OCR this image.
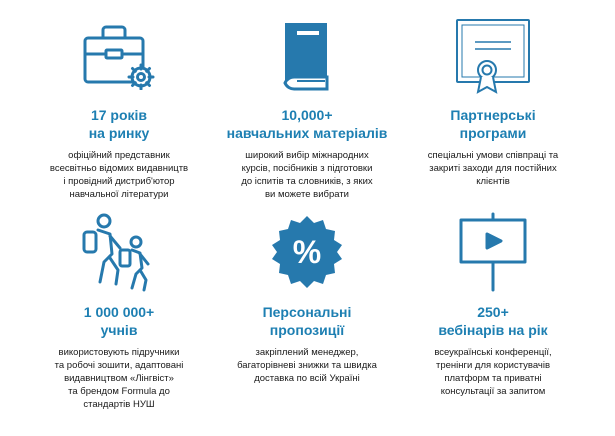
17 років
на ринку
офіційний представник
всесвітньо відомих видавництв
і провідний дистриб'ютор
навчальної літератури
10,000+
навчальних матеріалів
широкий вибір міжнародних
курсів, посібників з підготовки
до іспитів та словників, з яких
ви можете вибрати
Партнерські
програми
спеціальні умови співпраці та
закриті заходи для постійних
клієнтів
1 000 000+
учнів
використовують підручники
та робочі зошити, адаптовані
видавництвом «Лінгвіст»
та брендом Formula до
стандартів НУШ
%
Персональні
пропозиції
закріплений менеджер,
багаторівневі знижки та швидка
доставка по всій Україні
250+
вебінарів на рік
всеукраїнські конференції,
тренінги для користувачів
платформ та приватні
консультації за запитом
